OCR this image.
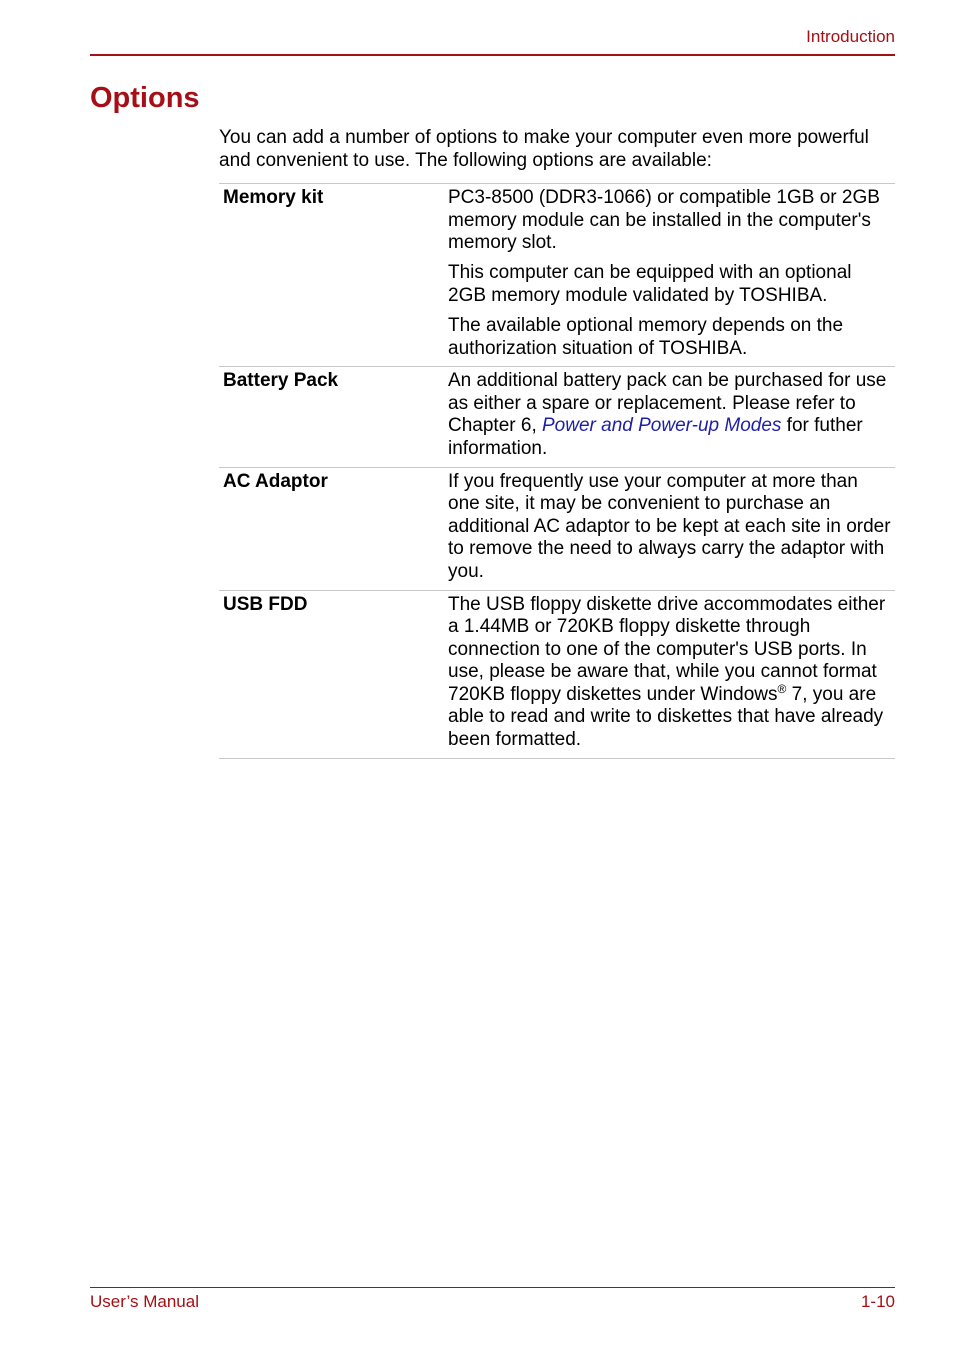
Introduction
Options
You can add a number of options to make your computer even more powerful and convenient to use. The following options are available:
Memory kit	PC3-8500 (DDR3-1066) or compatible 1GB or 2GB memory module can be installed in the computer's memory slot.

This computer can be equipped with an optional 2GB memory module validated by TOSHIBA.

The available optional memory depends on the authorization situation of TOSHIBA.

Battery Pack	An additional battery pack can be purchased for use as either a spare or replacement. Please refer to Chapter 6, Power and Power-up Modes for futher information.

AC Adaptor	If you frequently use your computer at more than one site, it may be convenient to purchase an additional AC adaptor to be kept at each site in order to remove the need to always carry the adaptor with you.

USB FDD	The USB floppy diskette drive accommodates either a 1.44MB or 720KB floppy diskette through connection to one of the computer's USB ports. In use, please be aware that, while you cannot format 720KB floppy diskettes under Windows® 7, you are able to read and write to diskettes that have already been formatted.

User’s Manual	1-10
